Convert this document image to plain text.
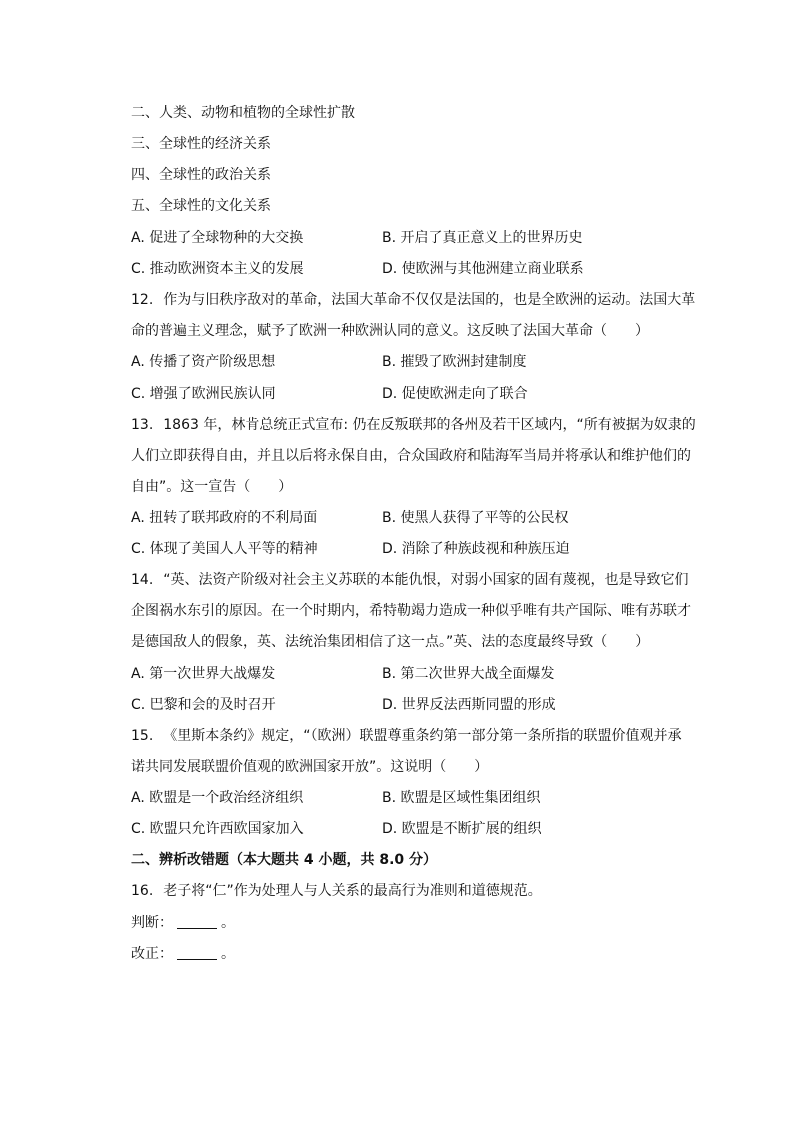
二、人类、动物和植物的全球性扩散
三、全球性的经济关系
四、全球性的政治关系
五、全球性的文化关系
A. 促进了全球物种的大交换	B. 开启了真正意义上的世界历史
C. 推动欧洲资本主义的发展	D. 使欧洲与其他洲建立商业联系
12. 作为与旧秩序敌对的革命，法国大革命不仅仅是法国的，也是全欧洲的运动。法国大革
命的普遍主义理念，赋予了欧洲一种欧洲认同的意义。这反映了法国大革命（　　）
A. 传播了资产阶级思想	B. 摧毁了欧洲封建制度
C. 增强了欧洲民族认同	D. 促使欧洲走向了联合
13. 1863 年，林肯总统正式宣布: 仍在反叛联邦的各州及若干区域内，“所有被据为奴隶的
人们立即获得自由，并且以后将永保自由，合众国政府和陆海军当局并将承认和维护他们的
自由”。这一宣告（　　）
A. 扭转了联邦政府的不利局面	B. 使黑人获得了平等的公民权
C. 体现了美国人人平等的精神	D. 消除了种族歧视和种族压迫
14. “英、法资产阶级对社会主义苏联的本能仇恨，对弱小国家的固有蔑视，也是导致它们
企图祸水东引的原因。在一个时期内，希特勒竭力造成一种似乎唯有共产国际、唯有苏联才
是德国敌人的假象，英、法统治集团相信了这一点。”英、法的态度最终导致（　　）
A. 第一次世界大战爆发	B. 第二次世界大战全面爆发
C. 巴黎和会的及时召开	D. 世界反法西斯同盟的形成
15. 《里斯本条约》规定，“（欧洲）联盟尊重条约第一部分第一条所指的联盟价值观并承
诺共同发展联盟价值观的欧洲国家开放”。这说明（　　）
A. 欧盟是一个政治经济组织	B. 欧盟是区域性集团组织
C. 欧盟只允许西欧国家加入	D. 欧盟是不断扩展的组织
二、辨析改错题（本大题共 4 小题，共 8.0 分）
16. 老子将“仁”作为处理人与人关系的最高行为准则和道德规范。
判断：	。
改正：	。
